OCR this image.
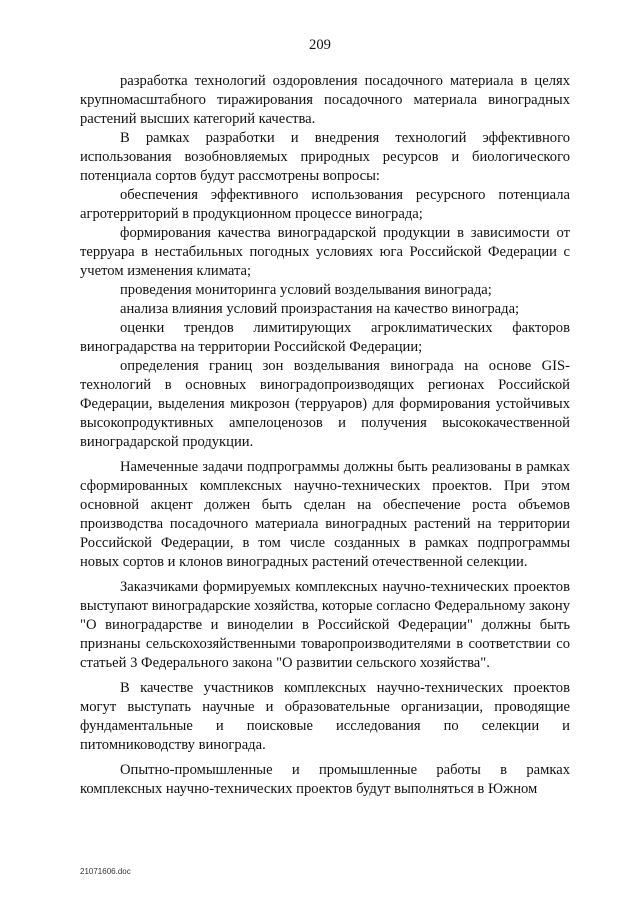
209

разработка технологий оздоровления посадочного материала в целях крупномасштабного тиражирования посадочного материала виноградных растений высших категорий качества.

В рамках разработки и внедрения технологий эффективного использования возобновляемых природных ресурсов и биологического потенциала сортов будут рассмотрены вопросы:

обеспечения эффективного использования ресурсного потенциала агротерриторий в продукционном процессе винограда;

формирования качества виноградарской продукции в зависимости от терруара в нестабильных погодных условиях юга Российской Федерации с учетом изменения климата;

проведения мониторинга условий возделывания винограда;

анализа влияния условий произрастания на качество винограда;

оценки трендов лимитирующих агроклиматических факторов виноградарства на территории Российской Федерации;

определения границ зон возделывания винограда на основе GIS-технологий в основных виноградопроизводящих регионах Российской Федерации, выделения микрозон (терруаров) для формирования устойчивых высокопродуктивных ампелоценозов и получения высококачественной виноградарской продукции.

Намеченные задачи подпрограммы должны быть реализованы в рамках сформированных комплексных научно-технических проектов. При этом основной акцент должен быть сделан на обеспечение роста объемов производства посадочного материала виноградных растений на территории Российской Федерации, в том числе созданных в рамках подпрограммы новых сортов и клонов виноградных растений отечественной селекции.

Заказчиками формируемых комплексных научно-технических проектов выступают виноградарские хозяйства, которые согласно Федеральному закону "О виноградарстве и виноделии в Российской Федерации" должны быть признаны сельскохозяйственными товаропроизводителями в соответствии со статьей 3 Федерального закона "О развитии сельского хозяйства".

В качестве участников комплексных научно-технических проектов могут выступать научные и образовательные организации, проводящие фундаментальные и поисковые исследования по селекции и питомниководству винограда.

Опытно-промышленные и промышленные работы в рамках комплексных научно-технических проектов будут выполняться в Южном

21071606.doc
